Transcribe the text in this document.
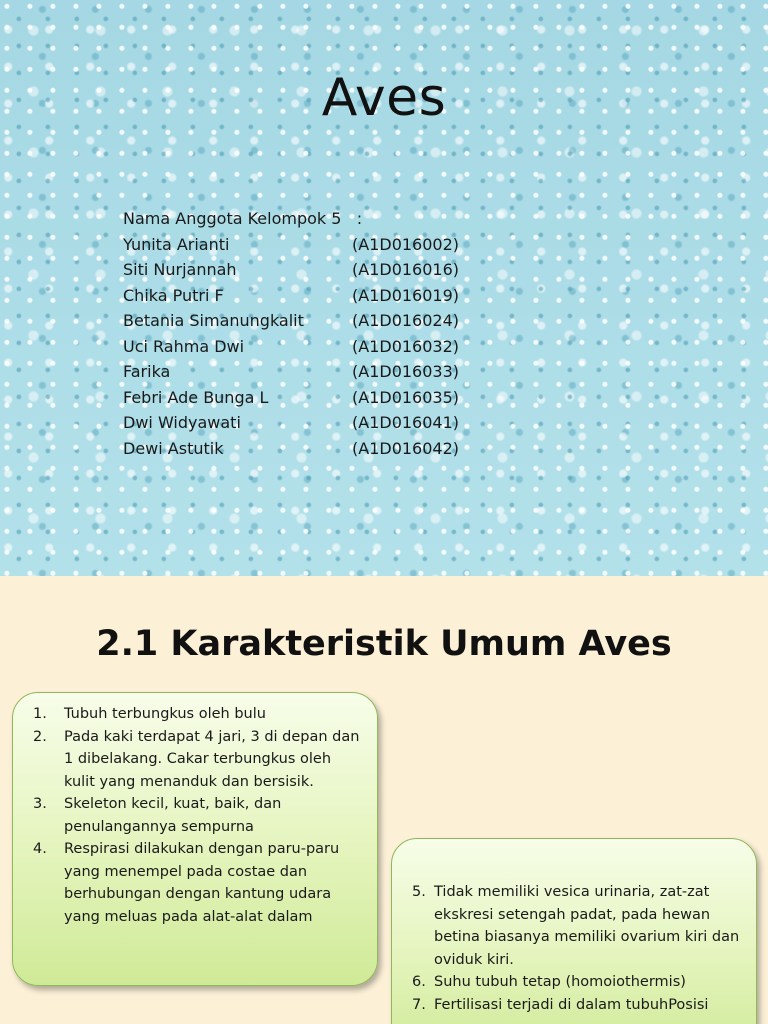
Aves
Nama Anggota Kelompok 5   :
Yunita Arianti	(A1D016002)
Siti Nurjannah	(A1D016016)
Chika Putri F	(A1D016019)
Betania Simanungkalit	(A1D016024)
Uci Rahma Dwi	(A1D016032)
Farika	(A1D016033)
Febri Ade Bunga L	(A1D016035)
Dwi Widyawati	(A1D016041)
Dewi Astutik	(A1D016042)
2.1 Karakteristik Umum Aves
1. Tubuh terbungkus oleh bulu
2. Pada kaki terdapat 4 jari, 3 di depan dan 1 dibelakang. Cakar terbungkus oleh kulit yang menanduk dan bersisik.
3. Skeleton kecil, kuat, baik, dan penulangannya sempurna
4. Respirasi dilakukan dengan paru-paru yang menempel pada costae dan berhubungan dengan kantung udara yang meluas pada alat-alat dalam
5. Tidak memiliki vesica urinaria, zat-zat ekskresi setengah padat, pada hewan betina biasanya memiliki ovarium kiri dan oviduk kiri.
6. Suhu tubuh tetap (homoiothermis)
7. Fertilisasi terjadi di dalam tubuhPosisi
